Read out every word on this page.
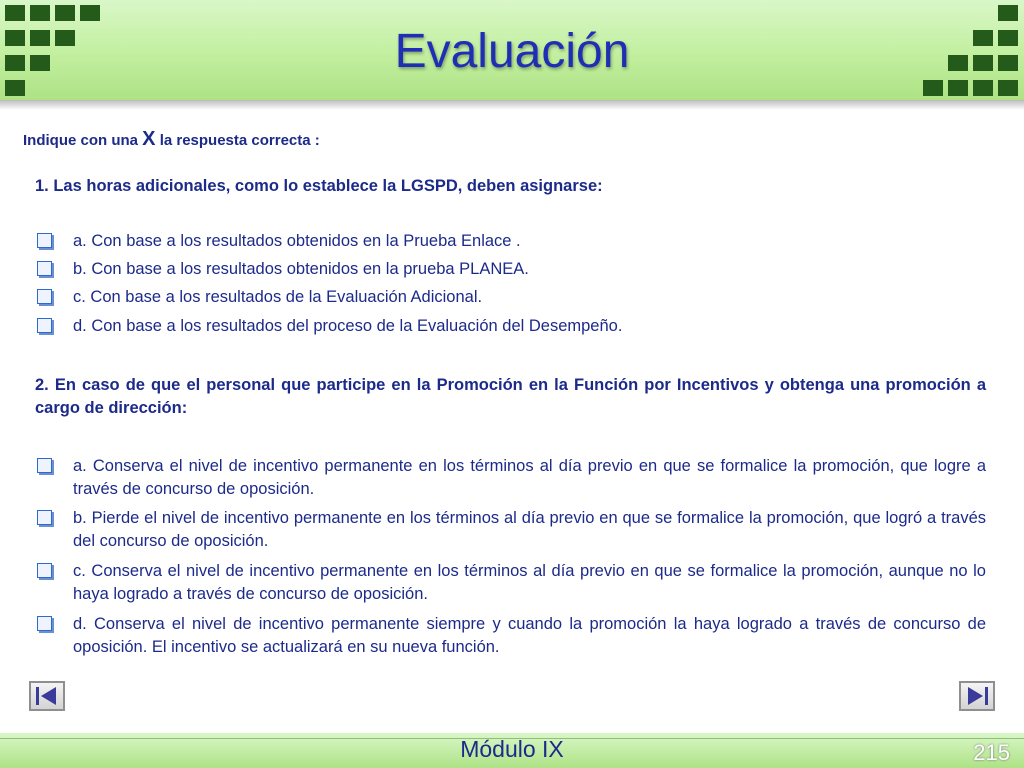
Evaluación
Indique con una X la respuesta correcta :
1. Las horas adicionales, como lo establece la LGSPD, deben asignarse:
a. Con base a los resultados obtenidos en la Prueba Enlace .
b. Con base a los resultados obtenidos en la prueba PLANEA.
c. Con base a los resultados de la Evaluación Adicional.
d. Con base a los resultados del proceso de la Evaluación del Desempeño.
2. En caso de que el personal que participe en la Promoción en la Función por Incentivos y obtenga una promoción a cargo de dirección:
a. Conserva el nivel de incentivo permanente en los términos al día previo en que se formalice la promoción, que logre a través de concurso de oposición.
b. Pierde el nivel de incentivo permanente en los términos al día previo en que se formalice la promoción, que logró a través del concurso de oposición.
c. Conserva el nivel de incentivo permanente en los términos al día previo en que se formalice la promoción, aunque no lo haya logrado a través de concurso de oposición.
d. Conserva el nivel de incentivo permanente siempre y cuando la promoción la haya logrado a través de concurso de oposición. El incentivo se actualizará en su nueva función.
Módulo IX	215
